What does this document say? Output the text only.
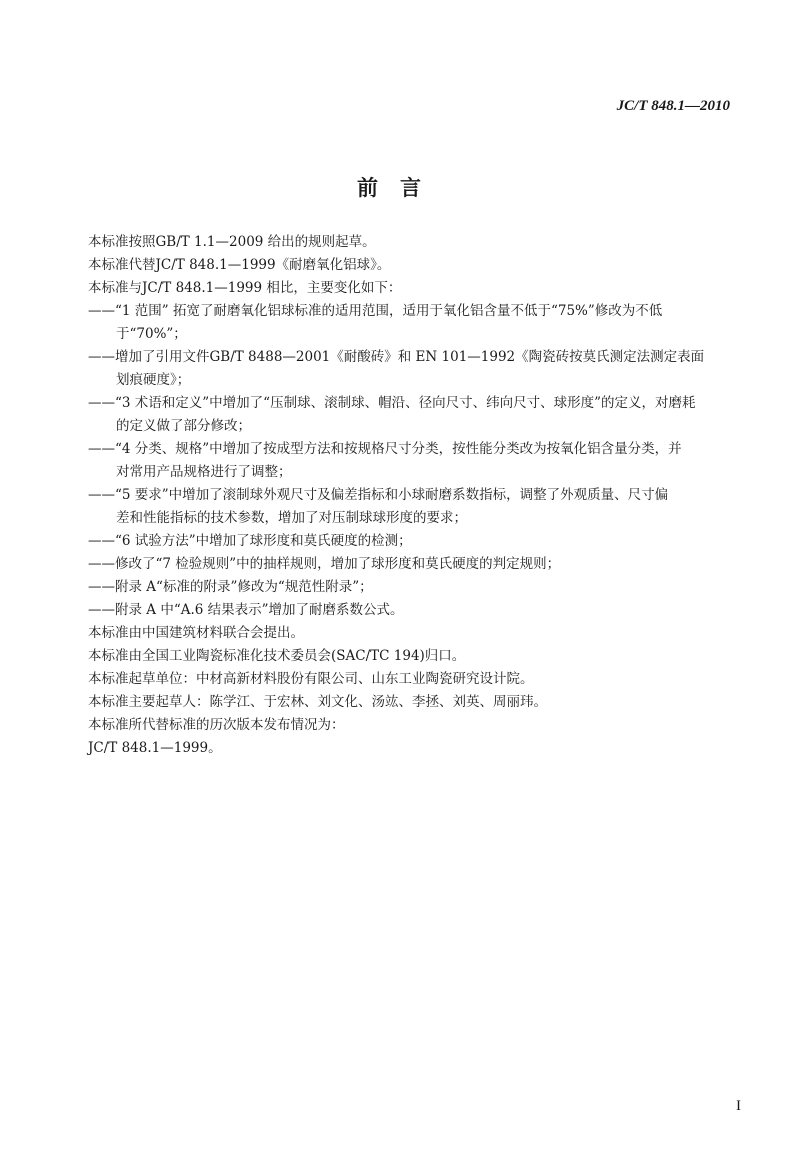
JC/T 848.1—2010
前言
本标准按照GB/T 1.1—2009 给出的规则起草。
本标准代替JC/T 848.1—1999《耐磨氧化铝球》。
本标准与JC/T 848.1—1999 相比，主要变化如下：
——“1 范围” 拓宽了耐磨氧化铝球标准的适用范围，适用于氧化铝含量不低于“75%”修改为不低
于“70%”；
——增加了引用文件GB/T 8488—2001《耐酸砖》和 EN 101—1992《陶瓷砖按莫氏测定法测定表面
划痕硬度》；
——“3 术语和定义”中增加了“压制球、滚制球、帽沿、径向尺寸、纬向尺寸、球形度”的定义，对磨耗
的定义做了部分修改；
——“4 分类、规格”中增加了按成型方法和按规格尺寸分类，按性能分类改为按氧化铝含量分类，并
对常用产品规格进行了调整；
——“5 要求”中增加了滚制球外观尺寸及偏差指标和小球耐磨系数指标，调整了外观质量、尺寸偏
差和性能指标的技术参数，增加了对压制球球形度的要求；
——“6 试验方法”中增加了球形度和莫氏硬度的检测；
——修改了“7 检验规则”中的抽样规则，增加了球形度和莫氏硬度的判定规则；
——附录 A“标准的附录”修改为“规范性附录”；
——附录 A 中“A.6 结果表示”增加了耐磨系数公式。
本标准由中国建筑材料联合会提出。
本标准由全国工业陶瓷标准化技术委员会(SAC/TC 194)归口。
本标准起草单位：中材高新材料股份有限公司、山东工业陶瓷研究设计院。
本标准主要起草人：陈学江、于宏林、刘文化、汤竑、李拯、刘英、周丽玮。
本标准所代替标准的历次版本发布情况为：
JC/T 848.1—1999。
I
